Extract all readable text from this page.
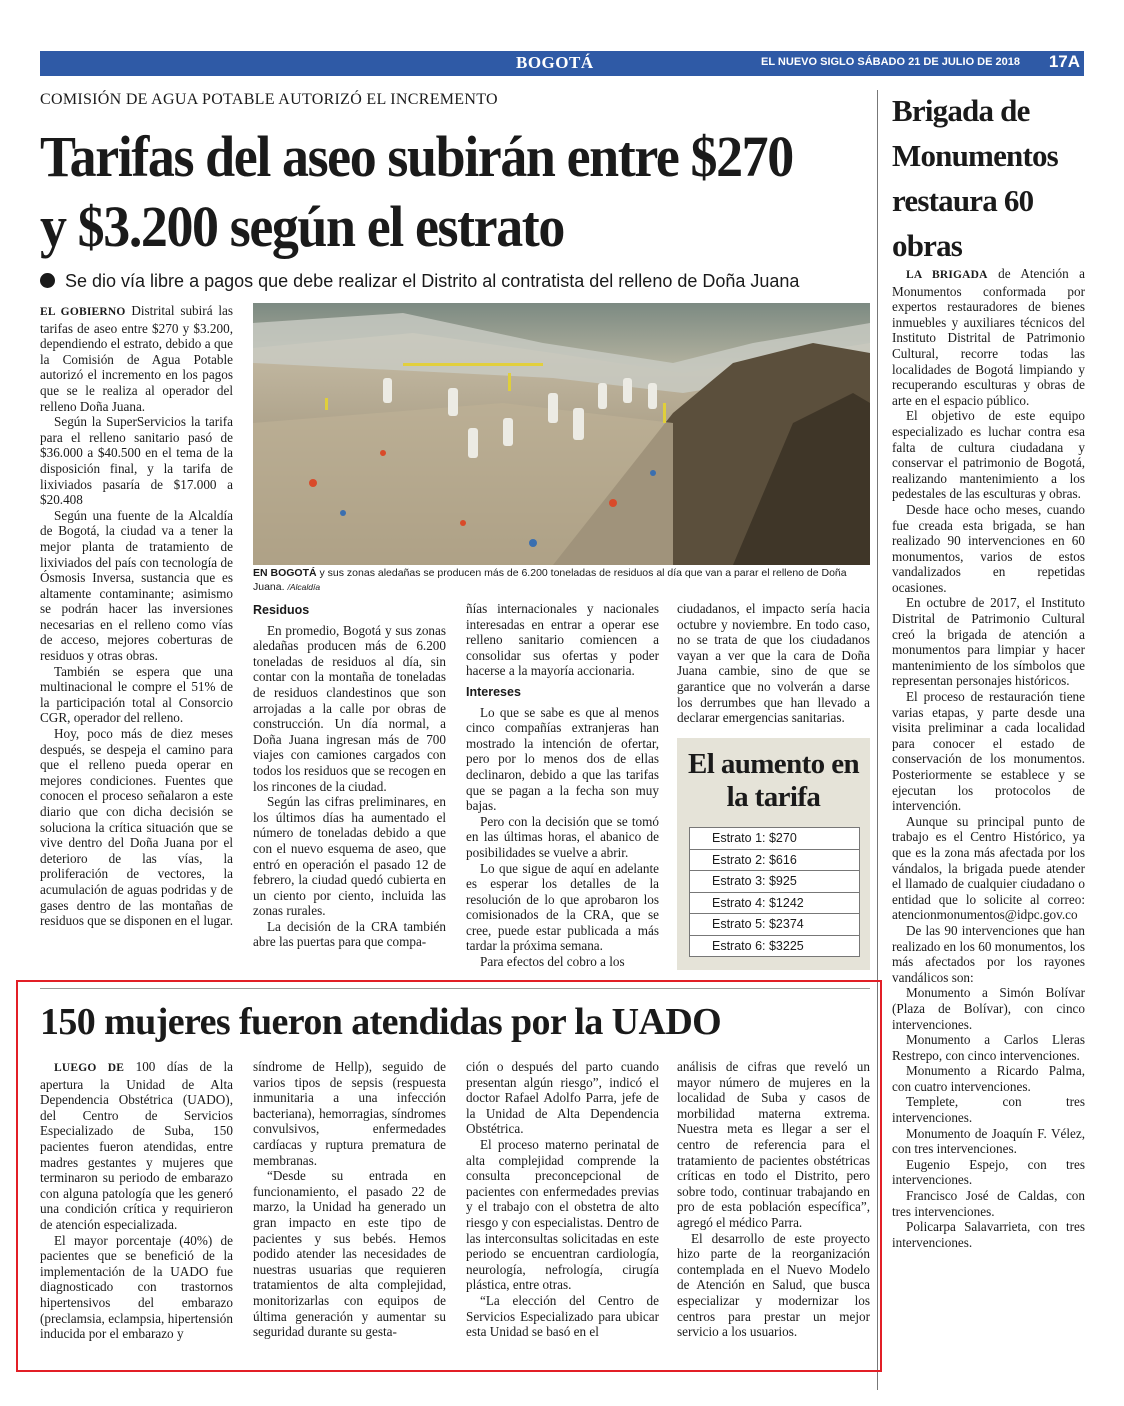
BOGOTÁ	EL NUEVO SIGLO SÁBADO 21 DE JULIO DE 2018 17A
COMISIÓN DE AGUA POTABLE AUTORIZÓ EL INCREMENTO
Tarifas del aseo subirán entre $270 y $3.200 según el estrato
Se dio vía libre a pagos que debe realizar el Distrito al contratista del relleno de Doña Juana

EL GOBIERNO Distrital subirá las tarifas de aseo entre $270 y $3.200, dependiendo el estrato, debido a que la Comisión de Agua Potable autorizó el incremento en los pagos que se le realiza al operador del relleno Doña Juana.

Según la SuperServicios la tarifa para el relleno sanitario pasó de $36.000 a $40.500 en el tema de la disposición final, y la tarifa de lixiviados pasaría de $17.000 a $20.408

Según una fuente de la Alcaldía de Bogotá, la ciudad va a tener la mejor planta de tratamiento de lixiviados del país con tecnología de Ósmosis Inversa, sustancia que es altamente contaminante; asimismo se podrán hacer las inversiones necesarias en el relleno como vías de acceso, mejores coberturas de residuos y otras obras.

También se espera que una multinacional le compre el 51% de la participación total al Consorcio CGR, operador del relleno.

Hoy, poco más de diez meses después, se despeja el camino para que el relleno pueda operar en mejores condiciones. Fuentes que conocen el proceso señalaron a este diario que con dicha decisión se soluciona la crítica situación que se vive dentro del Doña Juana por el deterioro de las vías, la proliferación de vectores, la acumulación de aguas podridas y de gases dentro de las montañas de residuos que se disponen en el lugar.

EN BOGOTÁ y sus zonas aledañas se producen más de 6.200 toneladas de residuos al día que van a parar el relleno de Doña Juana. /Alcaldía
Residuos

En promedio, Bogotá y sus zonas aledañas producen más de 6.200 toneladas de residuos al día, sin contar con la montaña de toneladas de residuos clandestinos que son arrojadas a la calle por obras de construcción. Un día normal, a Doña Juana ingresan más de 700 viajes con camiones cargados con todos los residuos que se recogen en los rincones de la ciudad.

Según las cifras preliminares, en los últimos días ha aumentado el número de toneladas debido a que con el nuevo esquema de aseo, que entró en operación el pasado 12 de febrero, la ciudad quedó cubierta en un ciento por ciento, incluida las zonas rurales.

La decisión de la CRA también abre las puertas para que compa-

ñías internacionales y nacionales interesadas en entrar a operar ese relleno sanitario comiencen a consolidar sus ofertas y poder hacerse a la mayoría accionaria.

Intereses

Lo que se sabe es que al menos cinco compañías extranjeras han mostrado la intención de ofertar, pero por lo menos dos de ellas declinaron, debido a que las tarifas que se pagan a la fecha son muy bajas.

Pero con la decisión que se tomó en las últimas horas, el abanico de posibilidades se vuelve a abrir.

Lo que sigue de aquí en adelante es esperar los detalles de la resolución de lo que aprobaron los comisionados de la CRA, que se cree, puede estar publicada a más tardar la próxima semana.

Para efectos del cobro a los

ciudadanos, el impacto sería hacia octubre y noviembre. En todo caso, no se trata de que los ciudadanos vayan a ver que la cara de Doña Juana cambie, sino de que se garantice que no volverán a darse los derrumbes que han llevado a declarar emergencias sanitarias.

El aumento en la tarifa
Estrato 1: $270
Estrato 2: $616
Estrato 3: $925
Estrato 4: $1242
Estrato 5: $2374
Estrato 6: $3225
Brigada de Monumentos restaura 60 obras

LA BRIGADA de Atención a Monumentos conformada por expertos restauradores de bienes inmuebles y auxiliares técnicos del Instituto Distrital de Patrimonio Cultural, recorre todas las localidades de Bogotá limpiando y recuperando esculturas y obras de arte en el espacio público.

El objetivo de este equipo especializado es luchar contra esa falta de cultura ciudadana y conservar el patrimonio de Bogotá, realizando mantenimiento a los pedestales de las esculturas y obras.

Desde hace ocho meses, cuando fue creada esta brigada, se han realizado 90 intervenciones en 60 monumentos, varios de estos vandalizados en repetidas ocasiones.

En octubre de 2017, el Instituto Distrital de Patrimonio Cultural creó la brigada de atención a monumentos para limpiar y hacer mantenimiento de los símbolos que representan personajes históricos.

El proceso de restauración tiene varias etapas, y parte desde una visita preliminar a cada localidad para conocer el estado de conservación de los monumentos. Posteriormente se establece y se ejecutan los protocolos de intervención.

Aunque su principal punto de trabajo es el Centro Histórico, ya que es la zona más afectada por los vándalos, la brigada puede atender el llamado de cualquier ciudadano o entidad que lo solicite al correo: atencionmonumentos@idpc.gov.co

De las 90 intervenciones que han realizado en los 60 monumentos, los más afectados por los rayones vandálicos son:

Monumento a Simón Bolívar (Plaza de Bolívar), con cinco intervenciones.

Monumento a Carlos Lleras Restrepo, con cinco intervenciones.

Monumento a Ricardo Palma, con cuatro intervenciones.

Templete, con tres intervenciones.

Monumento de Joaquín F. Vélez, con tres intervenciones.

Eugenio Espejo, con tres intervenciones.

Francisco José de Caldas, con tres intervenciones.

Policarpa Salavarrieta, con tres intervenciones.

150 mujeres fueron atendidas por la UADO

LUEGO DE 100 días de la apertura la Unidad de Alta Dependencia Obstétrica (UADO), del Centro de Servicios Especializado de Suba, 150 pacientes fueron atendidas, entre madres gestantes y mujeres que terminaron su periodo de embarazo con alguna patología que les generó una condición crítica y requirieron de atención especializada.

El mayor porcentaje (40%) de pacientes que se benefició de la implementación de la UADO fue diagnosticado con trastornos hipertensivos del embarazo (preclamsia, eclampsia, hipertensión inducida por el embarazo y

síndrome de Hellp), seguido de varios tipos de sepsis (respuesta inmunitaria a una infección bacteriana), hemorragias, síndromes convulsivos, enfermedades cardíacas y ruptura prematura de membranas.

“Desde su entrada en funcionamiento, el pasado 22 de marzo, la Unidad ha generado un gran impacto en este tipo de pacientes y sus bebés. Hemos podido atender las necesidades de nuestras usuarias que requieren tratamientos de alta complejidad, monitorizarlas con equipos de última generación y aumentar su seguridad durante su gesta-

ción o después del parto cuando presentan algún riesgo”, indicó el doctor Rafael Adolfo Parra, jefe de la Unidad de Alta Dependencia Obstétrica.

El proceso materno perinatal de alta complejidad comprende la consulta preconcepcional de pacientes con enfermedades previas y el trabajo con el obstetra de alto riesgo y con especialistas. Dentro de las interconsultas solicitadas en este periodo se encuentran cardiología, neurología, nefrología, cirugía plástica, entre otras.

“La elección del Centro de Servicios Especializado para ubicar esta Unidad se basó en el

análisis de cifras que reveló un mayor número de mujeres en la localidad de Suba y casos de morbilidad materna extrema. Nuestra meta es llegar a ser el centro de referencia para el tratamiento de pacientes obstétricas críticas en todo el Distrito, pero sobre todo, continuar trabajando en pro de esta población específica”, agregó el médico Parra.

El desarrollo de este proyecto hizo parte de la reorganización contemplada en el Nuevo Modelo de Atención en Salud, que busca especializar y modernizar los centros para prestar un mejor servicio a los usuarios.
